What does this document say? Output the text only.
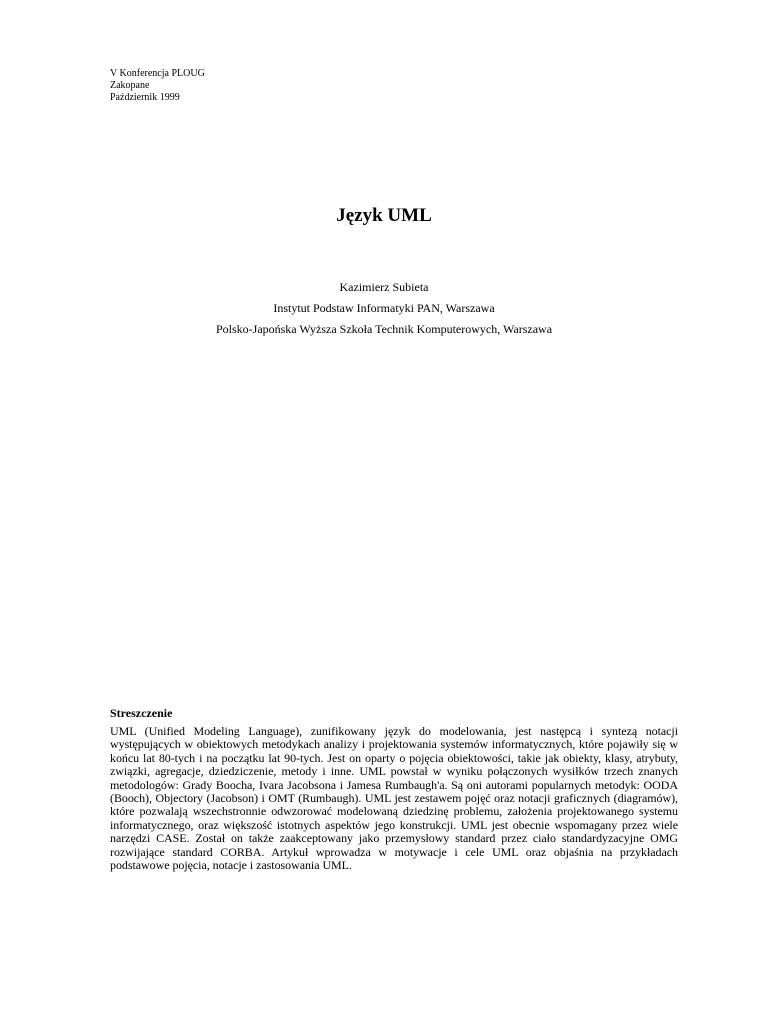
V Konferencja PLOUG
Zakopane
Październik 1999
Język UML
Kazimierz Subieta
Instytut Podstaw Informatyki PAN, Warszawa
Polsko-Japońska Wyższa Szkoła Technik Komputerowych, Warszawa
Streszczenie
UML (Unified Modeling Language), zunifikowany język do modelowania, jest następcą i syntezą notacji występujących w obiektowych metodykach analizy i projektowania systemów informatycznych, które pojawiły się w końcu lat 80-tych i na początku lat 90-tych. Jest on oparty o pojęcia obiektowości, takie jak obiekty, klasy, atrybuty, związki, agregacje, dziedziczenie, metody i inne. UML powstał w wyniku połączonych wysiłków trzech znanych metodologów: Grady Boocha, Ivara Jacobsona i Jamesa Rumbaugh'a. Są oni autorami popularnych metodyk: OODA (Booch), Objectory (Jacobson) i OMT (Rumbaugh). UML jest zestawem pojęć oraz notacji graficznych (diagramów), które pozwalają wszechstronnie odwzorować modelowaną dziedzinę problemu, założenia projektowanego systemu informatycznego, oraz większość istotnych aspektów jego konstrukcji. UML jest obecnie wspomagany przez wiele narzędzi CASE. Został on także zaakceptowany jako przemysłowy standard przez ciało standardyzacyjne OMG rozwijające standard CORBA. Artykuł wprowadza w motywacje i cele UML oraz objaśnia na przykładach podstawowe pojęcia, notacje i zastosowania UML.
